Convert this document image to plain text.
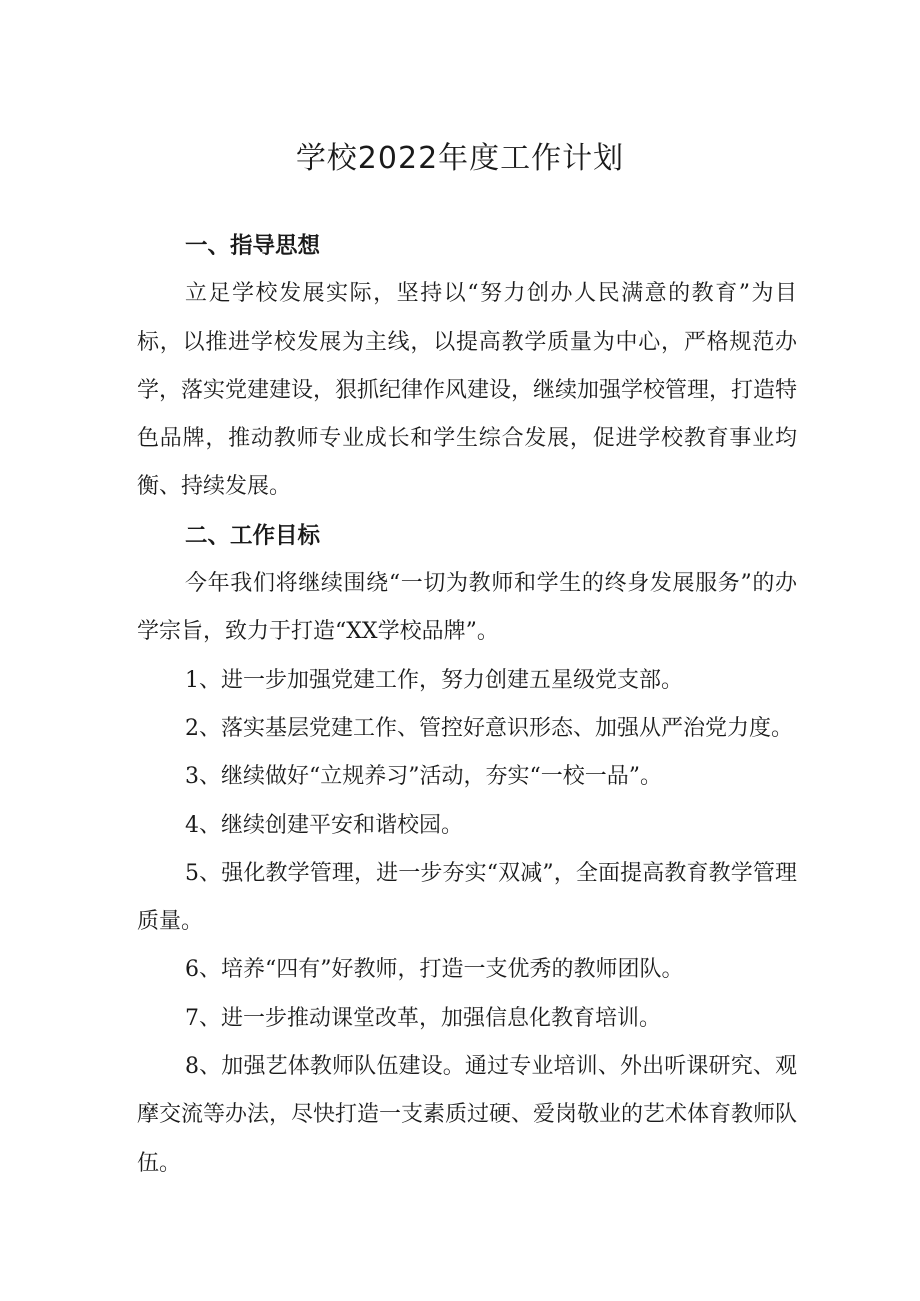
学校2022年度工作计划
一、指导思想

立足学校发展实际，坚持以“努力创办人民满意的教育”为目标，以推进学校发展为主线，以提高教学质量为中心，严格规范办学，落实党建建设，狠抓纪律作风建设，继续加强学校管理，打造特色品牌，推动教师专业成长和学生综合发展，促进学校教育事业均衡、持续发展。

二、工作目标

今年我们将继续围绕“一切为教师和学生的终身发展服务”的办学宗旨，致力于打造“XX学校品牌”。

1、进一步加强党建工作，努力创建五星级党支部。

2、落实基层党建工作、管控好意识形态、加强从严治党力度。

3、继续做好“立规养习”活动，夯实“一校一品”。

4、继续创建平安和谐校园。

5、强化教学管理，进一步夯实“双减”，全面提高教育教学管理质量。

6、培养“四有”好教师，打造一支优秀的教师团队。

7、进一步推动课堂改革，加强信息化教育培训。

8、加强艺体教师队伍建设。通过专业培训、外出听课研究、观摩交流等办法，尽快打造一支素质过硬、爱岗敬业的艺术体育教师队伍。
